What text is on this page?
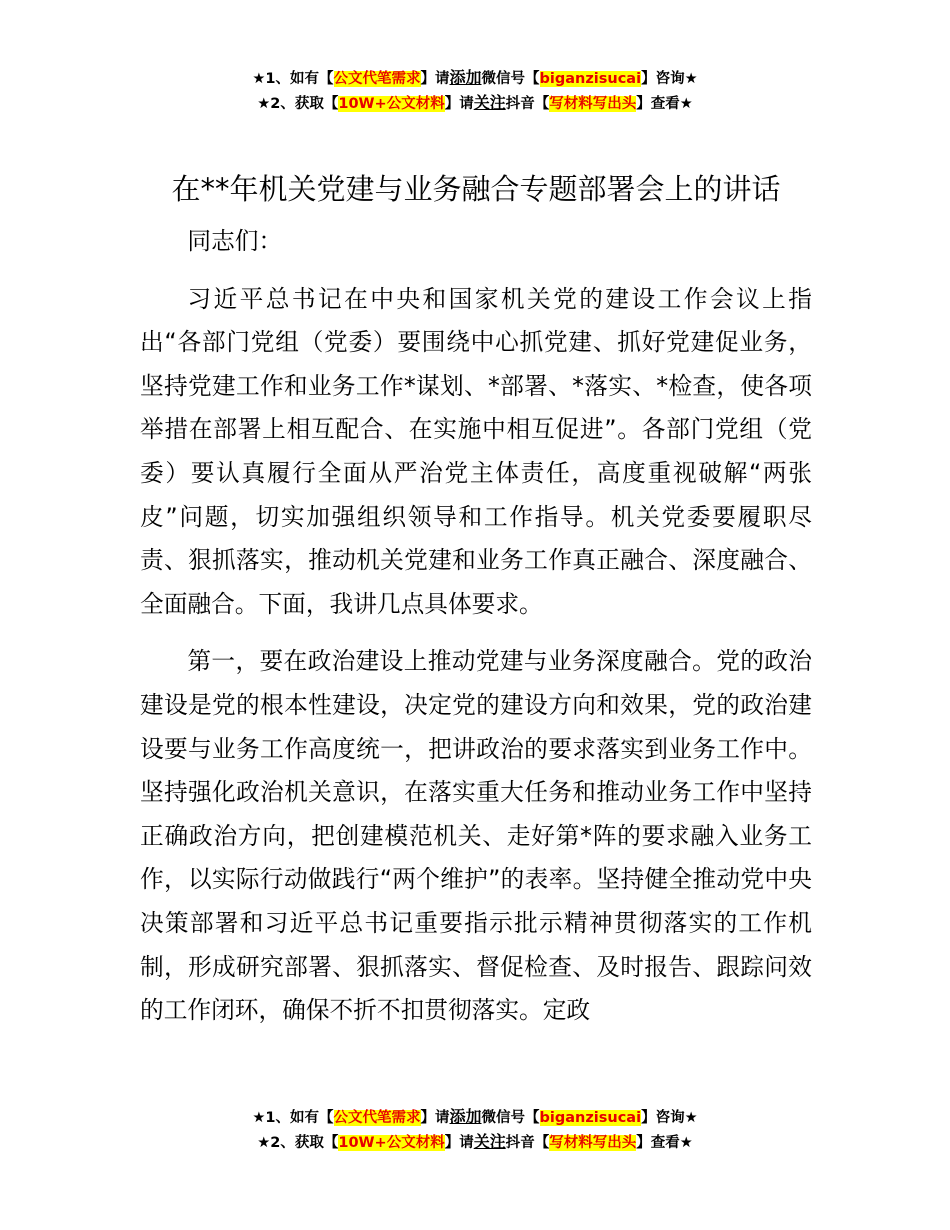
★1、如有【公文代笔需求】请添加微信号【biganzisucai】咨询★
★2、获取【10W+公文材料】请关注抖音【写材料写出头】查看★
在**年机关党建与业务融合专题部署会上的讲话

同志们：

习近平总书记在中央和国家机关党的建设工作会议上指出“各部门党组（党委）要围绕中心抓党建、抓好党建促业务，坚持党建工作和业务工作*谋划、*部署、*落实、*检查，使各项举措在部署上相互配合、在实施中相互促进”。各部门党组（党委）要认真履行全面从严治党主体责任，高度重视破解“两张皮”问题，切实加强组织领导和工作指导。机关党委要履职尽责、狠抓落实，推动机关党建和业务工作真正融合、深度融合、全面融合。下面，我讲几点具体要求。

第一，要在政治建设上推动党建与业务深度融合。党的政治建设是党的根本性建设，决定党的建设方向和效果，党的政治建设要与业务工作高度统一，把讲政治的要求落实到业务工作中。坚持强化政治机关意识，在落实重大任务和推动业务工作中坚持正确政治方向，把创建模范机关、走好第*阵的要求融入业务工作，以实际行动做践行“两个维护”的表率。坚持健全推动党中央决策部署和习近平总书记重要指示批示精神贯彻落实的工作机制，形成研究部署、狠抓落实、督促检查、及时报告、跟踪问效的工作闭环，确保不折不扣贯彻落实。定政

★1、如有【公文代笔需求】请添加微信号【biganzisucai】咨询★
★2、获取【10W+公文材料】请关注抖音【写材料写出头】查看★
